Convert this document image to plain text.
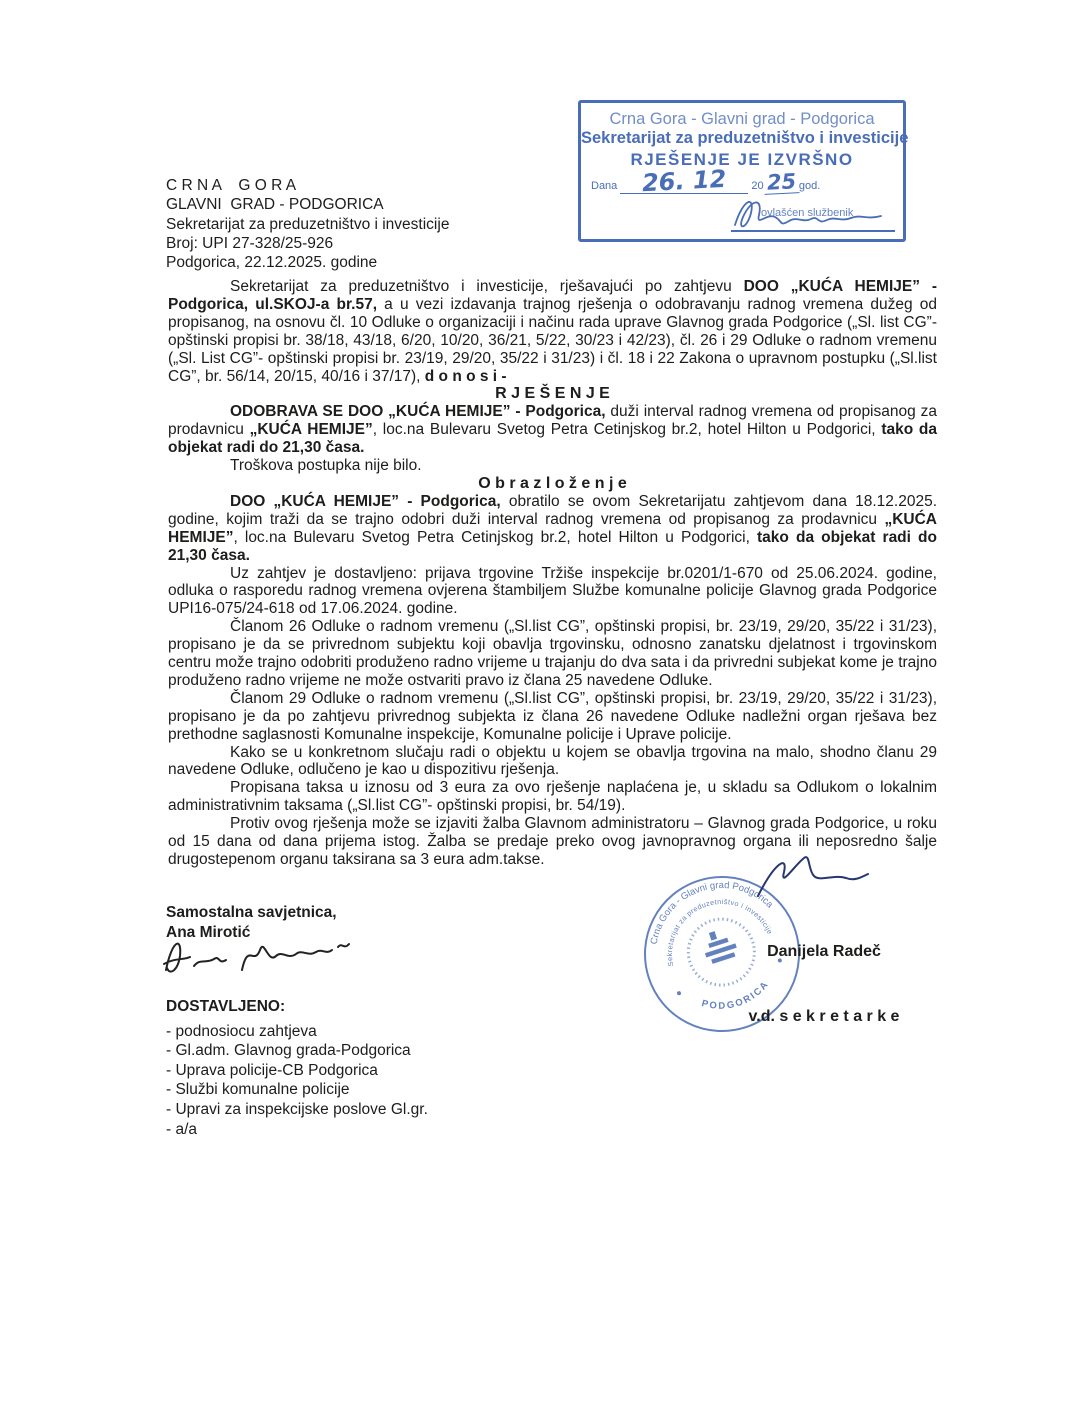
Crna Gora - Glavni grad - Podgorica
Sekretarijat za preduzetništvo i investicije
RJEŠENJE JE IZVRŠNO
Dana 26. 12 20 25 god.
ovlašćen službenik
C R N A    G O R A
GLAVNI  GRAD - PODGORICA
Sekretarijat za preduzetništvo i investicije
Broj: UPI 27-328/25-926
Podgorica, 22.12.2025. godine

Sekretarijat za preduzetništvo i investicije, rješavajući po zahtjevu DOO „KUĆA HEMIJE” - Podgorica, ul.SKOJ-a br.57, a u vezi izdavanja trajnog rješenja o odobravanju radnog vremena dužeg od propisanog, na osnovu čl. 10 Odluke o organizaciji i načinu rada uprave Glavnog grada Podgorice („Sl. list CG”- opštinski propisi br. 38/18, 43/18, 6/20, 10/20, 36/21, 5/22, 30/23 i 42/23), čl. 26 i 29 Odluke o radnom vremenu („Sl. List CG”- opštinski propisi br. 23/19, 29/20, 35/22 i 31/23) i čl. 18 i 22 Zakona o upravnom postupku („Sl.list CG”, br. 56/14, 20/15, 40/16 i 37/17), d o n o s i -

R J E Š E N J E

ODOBRAVA SE DOO „KUĆA HEMIJE” - Podgorica, duži interval radnog vremena od propisanog za prodavnicu „KUĆA HEMIJE”, loc.na Bulevaru Svetog Petra Cetinjskog br.2, hotel Hilton u Podgorici, tako da objekat radi do 21,30 časa.

Troškova postupka nije bilo.

O b r a z l o ž e n j e

DOO „KUĆA HEMIJE” - Podgorica, obratilo se ovom Sekretarijatu zahtjevom dana 18.12.2025. godine, kojim traži da se trajno odobri duži interval radnog vremena od propisanog za prodavnicu „KUĆA HEMIJE”, loc.na Bulevaru Svetog Petra Cetinjskog br.2, hotel Hilton u Podgorici, tako da objekat radi do 21,30 časa.

Uz zahtjev je dostavljeno: prijava trgovine Tržiše inspekcije br.0201/1-670 od 25.06.2024. godine, odluka o rasporedu radnog vremena ovjerena štambiljem Službe komunalne policije Glavnog grada Podgorice UPI16-075/24-618 od 17.06.2024. godine.

Članom 26 Odluke o radnom vremenu („Sl.list CG”, opštinski propisi, br. 23/19, 29/20, 35/22 i 31/23), propisano je da se privrednom subjektu koji obavlja trgovinsku, odnosno zanatsku djelatnost i trgovinskom centru može trajno odobriti produženo radno vrijeme u trajanju do dva sata i da privredni subjekat kome je trajno produženo radno vrijeme ne može ostvariti pravo iz člana 25 navedene Odluke.

Članom 29 Odluke o radnom vremenu („Sl.list CG”, opštinski propisi, br. 23/19, 29/20, 35/22 i 31/23), propisano je da po zahtjevu privrednog subjekta iz člana 26 navedene Odluke nadležni organ rješava bez prethodne saglasnosti Komunalne inspekcije, Komunalne policije i Uprave policije.

Kako se u konkretnom slučaju radi o objektu u kojem se obavlja trgovina na malo, shodno članu 29 navedene Odluke, odlučeno je kao u dispozitivu rješenja.

Propisana taksa u iznosu od 3 eura za ovo rješenje naplaćena je, u skladu sa Odlukom o lokalnim administrativnim taksama („Sl.list CG”- opštinski propisi, br. 54/19).

Protiv ovog rješenja može se izjaviti žalba Glavnom administratoru – Glavnog grada Podgorice, u roku od 15 dana od dana prijema istog. Žalba se predaje preko ovog javnopravnog organa ili neposredno šalje drugostepenom organu taksirana sa 3 eura adm.takse.

Samostalna savjetnica,
Ana Mirotić
Crna Gora - Glavni grad Podgorica
Sekretarijat za preduzetništvo i investicije
PODGORICA

Danijela Radeč

v.d. s e k r e t a r k e

DOSTAVLJENO:
- podnosiocu zahtjeva
- Gl.adm. Glavnog grada-Podgorica
- Uprava policije-CB Podgorica
- Službi komunalne policije
- Upravi za inspekcijske poslove Gl.gr.
- a/a
